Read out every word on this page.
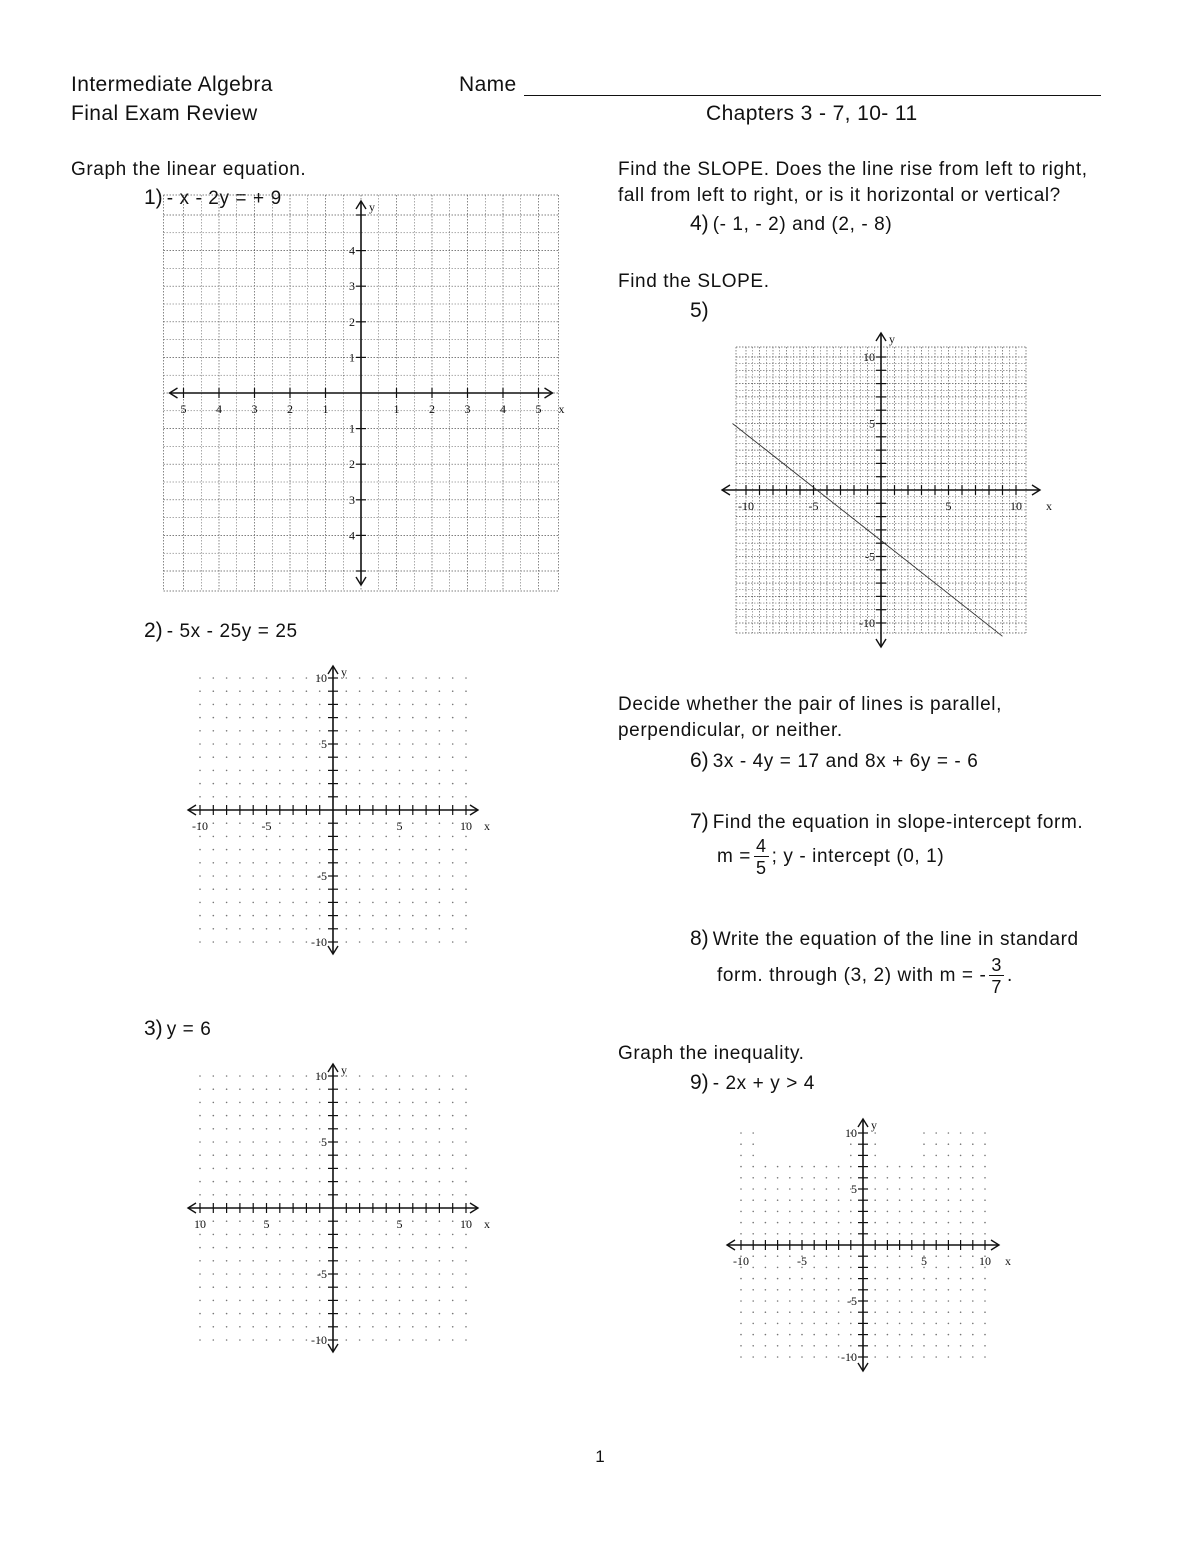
Intermediate Algebra
Final Exam Review
Name
Chapters 3 - 7, 10- 11
Graph the linear equation.
1) - x - 2y = + 9
5 4 3 2 1	1 2 3 4 5
4
3
2
1
1
2
3
4
x
y
2) - 5x - 25y = 25
-10	-5	5	10
10
5
-5
-10
x
y
3) y = 6
10	5	5	10
10
5
-5
-10
x
y
Find the SLOPE. Does the line rise from left to right,
fall from left to right, or is it horizontal or vertical?
4) (- 1, - 2) and (2, - 8)
Find the SLOPE.
5)
-10	-5	5	10
10
5
-5
-10
x
y
Decide whether the pair of lines is parallel,
perpendicular, or neither.
6) 3x - 4y = 17 and 8x + 6y = - 6
7) Find the equation in slope-intercept form.
$m = \frac{4}{5}$ ; y - intercept (0, 1)
8) Write the equation of the line in standard
form. through (3, 2) with m = - $\frac{3}{7}$ .
Graph the inequality.
9) - 2x + y > 4
-10	-5	5	10
10
5
-5
-10
x
y
1
